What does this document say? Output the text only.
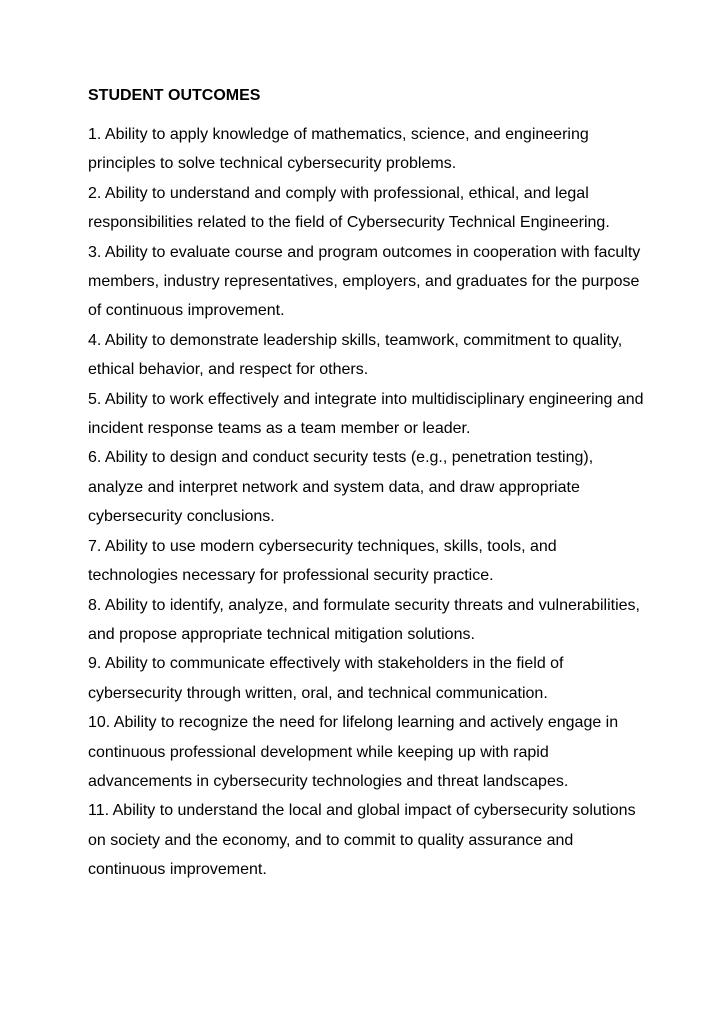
STUDENT OUTCOMES
1. Ability to apply knowledge of mathematics, science, and engineering principles to solve technical cybersecurity problems.
2. Ability to understand and comply with professional, ethical, and legal responsibilities related to the field of Cybersecurity Technical Engineering.
3. Ability to evaluate course and program outcomes in cooperation with faculty members, industry representatives, employers, and graduates for the purpose of continuous improvement.
4. Ability to demonstrate leadership skills, teamwork, commitment to quality, ethical behavior, and respect for others.
5. Ability to work effectively and integrate into multidisciplinary engineering and incident response teams as a team member or leader.
6. Ability to design and conduct security tests (e.g., penetration testing), analyze and interpret network and system data, and draw appropriate cybersecurity conclusions.
7. Ability to use modern cybersecurity techniques, skills, tools, and technologies necessary for professional security practice.
8. Ability to identify, analyze, and formulate security threats and vulnerabilities, and propose appropriate technical mitigation solutions.
9. Ability to communicate effectively with stakeholders in the field of cybersecurity through written, oral, and technical communication.
10. Ability to recognize the need for lifelong learning and actively engage in continuous professional development while keeping up with rapid advancements in cybersecurity technologies and threat landscapes.
11. Ability to understand the local and global impact of cybersecurity solutions on society and the economy, and to commit to quality assurance and continuous improvement.
